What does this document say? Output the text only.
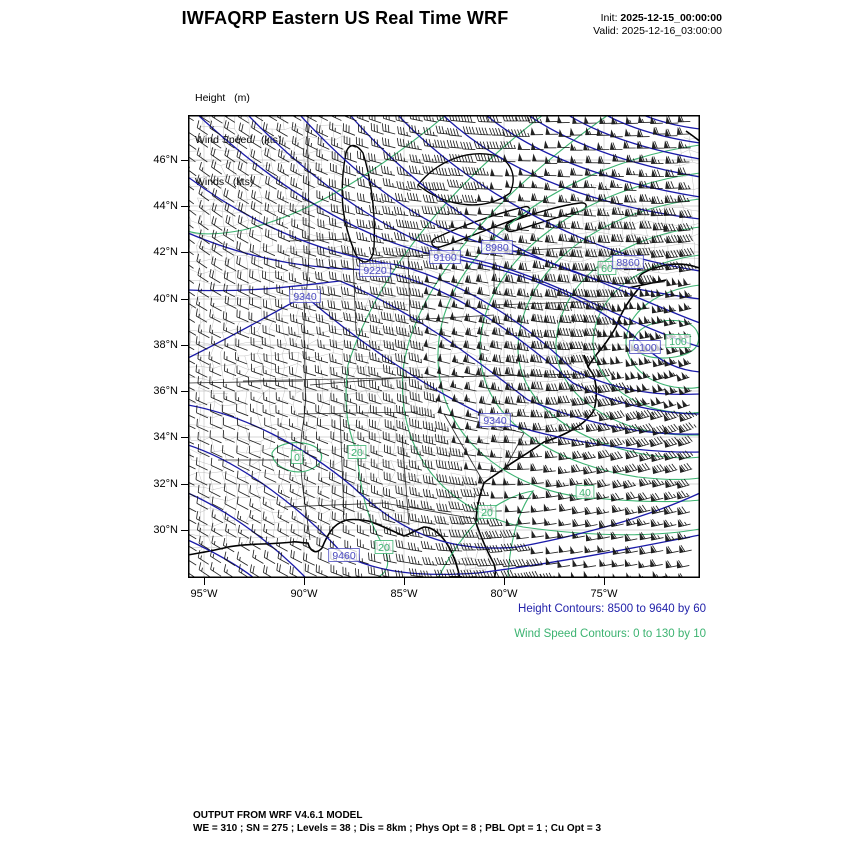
IWFAQRP Eastern US Real Time WRF	Init: 2025-12-15_00:00:00
Valid: 2025-12-16_03:00:00

Height   (m)

Wind Speed   (kts)

Winds   (kts)

0	20
20
20
40
60
100
9340
9220
9100
8980
8860
9100
9340
9460
Height Contours: 8500 to 9640 by 60
Wind Speed Contours: 0 to 130 by 10
OUTPUT FROM WRF V4.6.1 MODEL
WE = 310 ; SN = 275 ; Levels = 38 ; Dis = 8km ; Phys Opt = 8 ; PBL Opt = 1 ; Cu Opt = 3
46°N
44°N
42°N
40°N
38°N
36°N
34°N
32°N
30°N
95°W	90°W	85°W	80°W	75°W
